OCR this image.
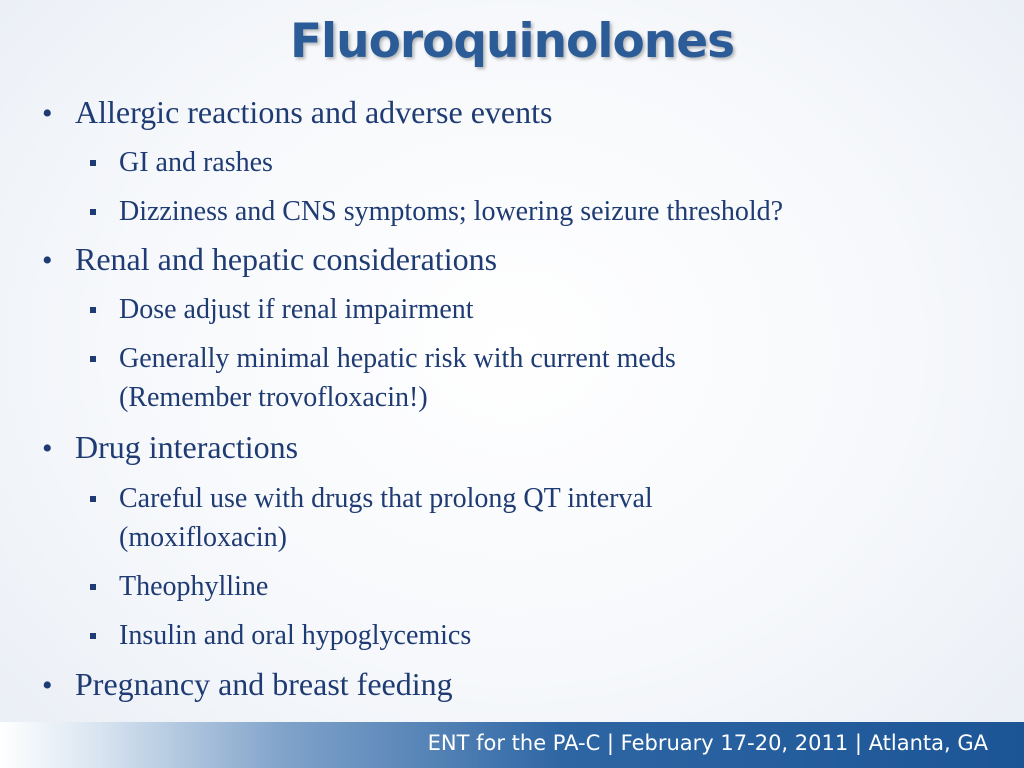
Fluoroquinolones
• Allergic reactions and adverse events
GI and rashes
Dizziness and CNS symptoms; lowering seizure threshold?
• Renal and hepatic considerations
Dose adjust if renal impairment
Generally minimal hepatic risk with current meds
(Remember trovofloxacin!)
• Drug interactions
Careful use with drugs that prolong QT interval
(moxifloxacin)
Theophylline
Insulin and oral hypoglycemics
• Pregnancy and breast feeding
ENT for the PA-C | February 17-20, 2011 | Atlanta, GA
